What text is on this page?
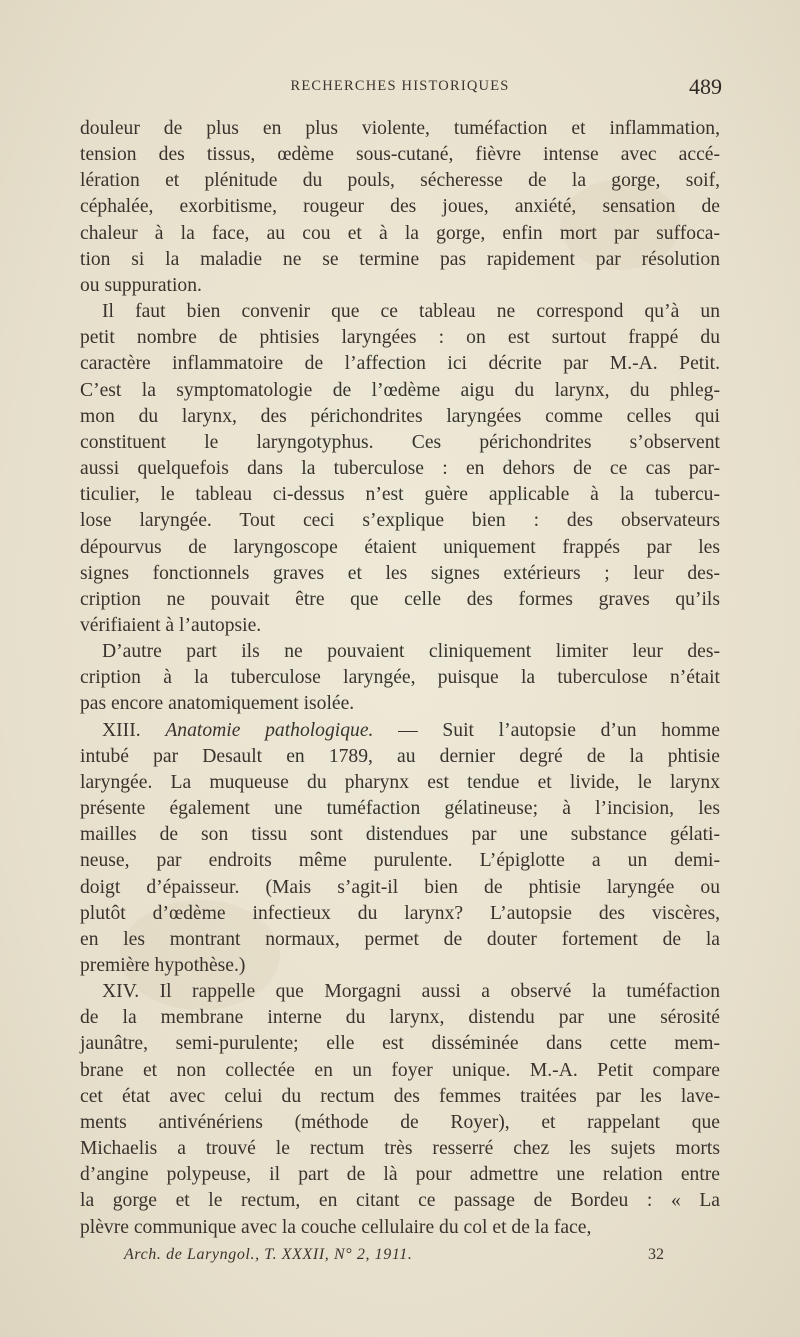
RECHERCHES HISTORIQUES	489

douleur de plus en plus violente, tuméfaction et inflammation,
tension des tissus, œdème sous-cutané, fièvre intense avec accé-
lération et plénitude du pouls, sécheresse de la gorge, soif,
céphalée, exorbitisme, rougeur des joues, anxiété, sensation de
chaleur à la face, au cou et à la gorge, enfin mort par suffoca-
tion si la maladie ne se termine pas rapidement par résolution
ou suppuration.

Il faut bien convenir que ce tableau ne correspond qu’à un
petit nombre de phtisies laryngées : on est surtout frappé du
caractère inflammatoire de l’affection ici décrite par M.-A. Petit.
C’est la symptomatologie de l’œdème aigu du larynx, du phleg-
mon du larynx, des périchondrites laryngées comme celles qui
constituent le laryngotyphus. Ces périchondrites s’observent
aussi quelquefois dans la tuberculose : en dehors de ce cas par-
ticulier, le tableau ci-dessus n’est guère applicable à la tubercu-
lose laryngée. Tout ceci s’explique bien : des observateurs
dépourvus de laryngoscope étaient uniquement frappés par les
signes fonctionnels graves et les signes extérieurs ; leur des-
cription ne pouvait être que celle des formes graves qu’ils
vérifiaient à l’autopsie.

D’autre part ils ne pouvaient cliniquement limiter leur des-
cription à la tuberculose laryngée, puisque la tuberculose n’était
pas encore anatomiquement isolée.

XIII. Anatomie pathologique. — Suit l’autopsie d’un homme
intubé par Desault en 1789, au dernier degré de la phtisie
laryngée. La muqueuse du pharynx est tendue et livide, le larynx
présente également une tuméfaction gélatineuse; à l’incision, les
mailles de son tissu sont distendues par une substance gélati-
neuse, par endroits même purulente. L’épiglotte a un demi-
doigt d’épaisseur. (Mais s’agit-il bien de phtisie laryngée ou
plutôt d’œdème infectieux du larynx? L’autopsie des viscères,
en les montrant normaux, permet de douter fortement de la
première hypothèse.)

XIV. Il rappelle que Morgagni aussi a observé la tuméfaction
de la membrane interne du larynx, distendu par une sérosité
jaunâtre, semi-purulente; elle est disséminée dans cette mem-
brane et non collectée en un foyer unique. M.-A. Petit compare
cet état avec celui du rectum des femmes traitées par les lave-
ments antivénériens (méthode de Royer), et rappelant que
Michaelis a trouvé le rectum très resserré chez les sujets morts
d’angine polypeuse, il part de là pour admettre une relation entre
la gorge et le rectum, en citant ce passage de Bordeu : « La
plèvre communique avec la couche cellulaire du col et de la face,

Arch. de Laryngol., T. XXXII, N° 2, 1911.	32
